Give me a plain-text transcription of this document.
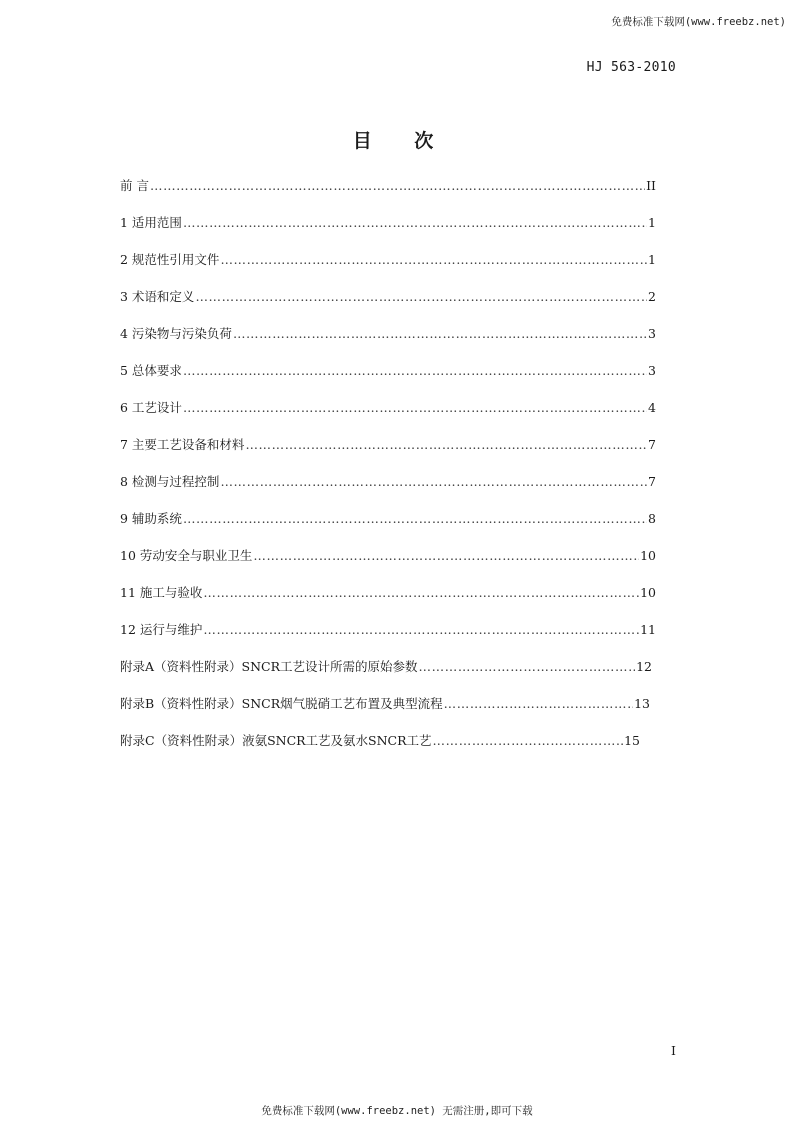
免费标准下载网(www.freebz.net)
HJ 563-2010
目 次
前 言 …………………………………………………………………………………………………………………………………………………………………………………………………………………	II
1 适用范围 …………………………………………………………………………………………………………………………………………………………………………………………………………………	1
2 规范性引用文件 …………………………………………………………………………………………………………………………………………………………………………………………………………………	1
3 术语和定义 …………………………………………………………………………………………………………………………………………………………………………………………………………………	2
4 污染物与污染负荷 …………………………………………………………………………………………………………………………………………………………………………………………………………………	3
5 总体要求 …………………………………………………………………………………………………………………………………………………………………………………………………………………	3
6 工艺设计 …………………………………………………………………………………………………………………………………………………………………………………………………………………	4
7 主要工艺设备和材料 …………………………………………………………………………………………………………………………………………………………………………………………………………………	7
8 检测与过程控制 …………………………………………………………………………………………………………………………………………………………………………………………………………………	7
9 辅助系统 …………………………………………………………………………………………………………………………………………………………………………………………………………………	8
10 劳动安全与职业卫生 …………………………………………………………………………………………………………………………………………………………………………………………………………………	10
11 施工与验收 …………………………………………………………………………………………………………………………………………………………………………………………………………………	10
12 运行与维护 …………………………………………………………………………………………………………………………………………………………………………………………………………………	11
附录A（资料性附录）SNCR工艺设计所需的原始参数 …………………………………………………………………………………………………………………………………………………………………………………………………………………	12
附录B（资料性附录）SNCR烟气脱硝工艺布置及典型流程 …………………………………………………………………………………………………………………………………………………………………………………………………………………	13
附录C（资料性附录）液氨SNCR工艺及氨水SNCR工艺 …………………………………………………………………………………………………………………………………………………………………………………………………………………	15
I
免费标准下载网(www.freebz.net) 无需注册,即可下载
